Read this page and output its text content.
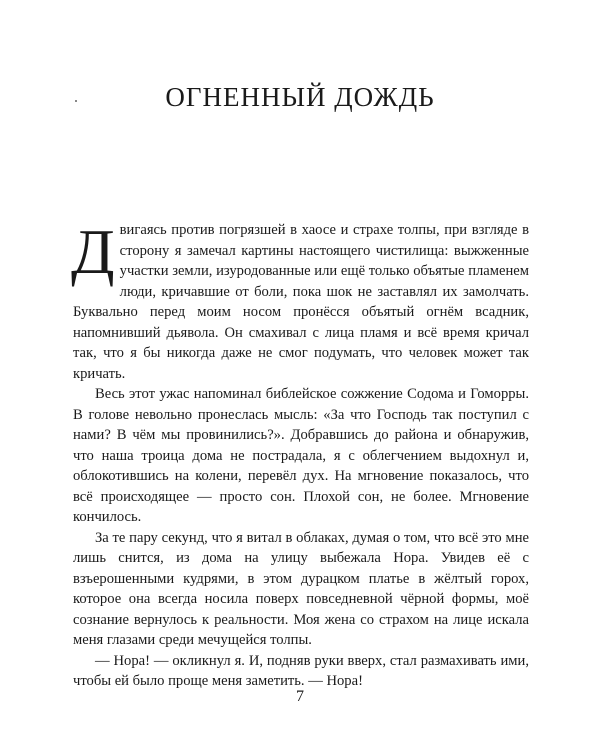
ОГНЕННЫЙ ДОЖДЬ

Двигаясь против погрязшей в хаосе и страхе толпы, при взгляде в сторону я замечал картины настоящего чистилища: выжженные участки земли, изуродованные или ещё только объятые пламенем люди, кричавшие от боли, пока шок не заставлял их замолчать. Буквально перед моим носом пронёсся объятый огнём всадник, напомнивший дьявола. Он смахивал с лица пламя и всё время кричал так, что я бы никогда даже не смог подумать, что человек может так кричать.

Весь этот ужас напоминал библейское сожжение Содома и Гоморры. В голове невольно пронеслась мысль: «За что Господь так поступил с нами? В чём мы провинились?». Добравшись до района и обнаружив, что наша троица дома не пострадала, я с облегчением выдохнул и, облокотившись на колени, перевёл дух. На мгновение показалось, что всё происходящее — просто сон. Плохой сон, не более. Мгновение кончилось.

За те пару секунд, что я витал в облаках, думая о том, что всё это мне лишь снится, из дома на улицу выбежала Нора. Увидев её с взъерошенными кудрями, в этом дурацком платье в жёлтый горох, которое она всегда носила поверх повседневной чёрной формы, моё сознание вернулось к реальности. Моя жена со страхом на лице искала меня глазами среди мечущейся толпы.

— Нора! — окликнул я. И, подняв руки вверх, стал размахивать ими, чтобы ей было проще меня заметить. — Нора!

7
